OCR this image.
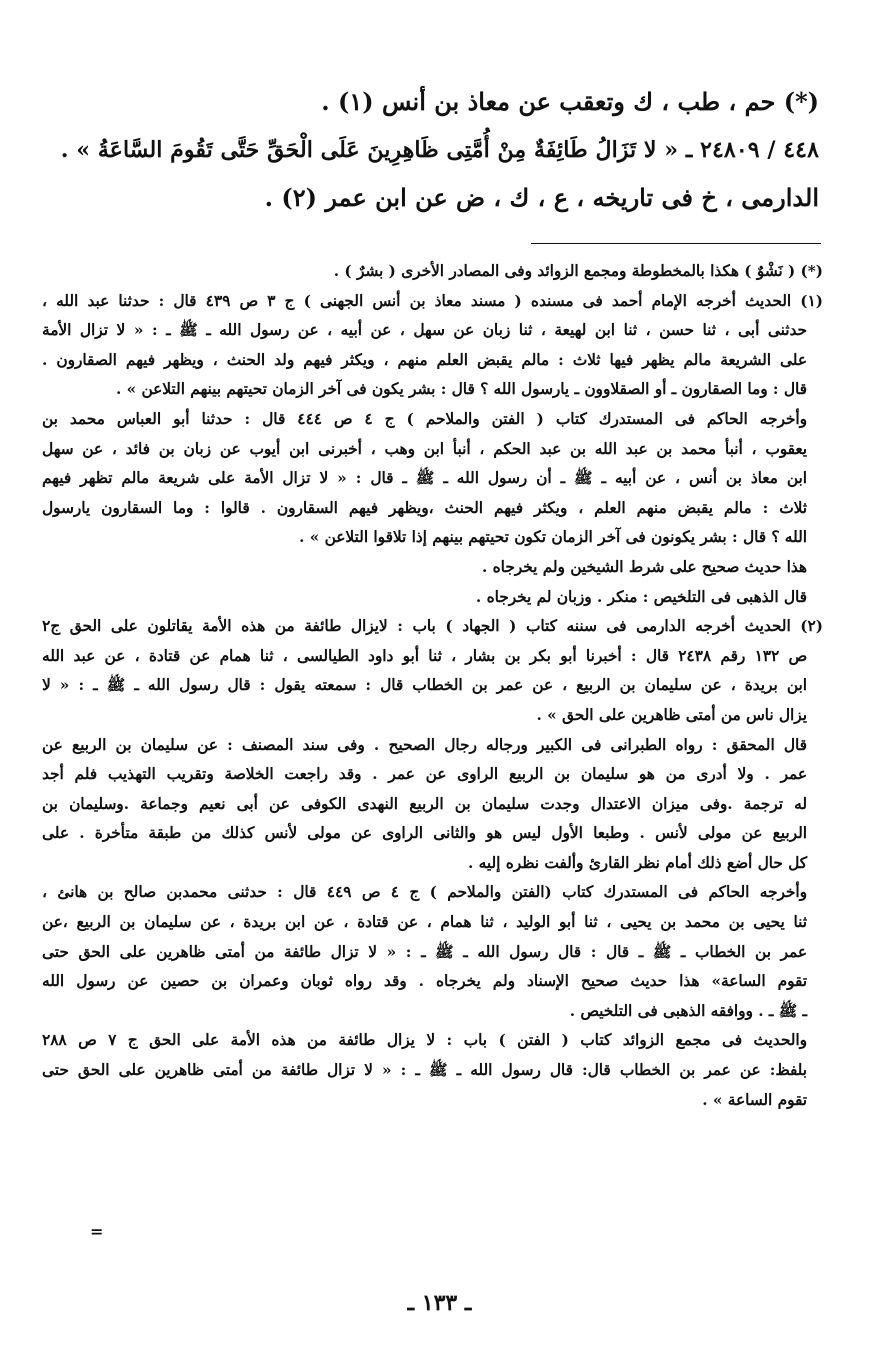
(*) حم ، طب ، ك وتعقب عن معاذ بن أنس (١) .
٤٤٨ / ٢٤٨٠٩ ـ « لا تَزَالُ طَائِفَةٌ مِنْ أُمَّتِى ظَاهِرِينَ عَلَى الْحَقِّ حَتَّى تَقُومَ السَّاعَةُ » .
الدارمى ، خ فى تاريخه ، ع ، ك ، ض عن ابن عمر (٢) .
(*) ( نَشْوٌ ) هكذا بالمخطوطة ومجمع الزوائد وفى المصادر الأخرى ( بشرٌ ) .
(١) الحديث أخرجه الإمام أحمد فى مسنده ( مسند معاذ بن أنس الجهنى ) ج ٣ ص ٤٣٩ قال : حدثنا عبد الله ،
حدثنى أبى ، ثنا حسن ، ثنا ابن لهيعة ، ثنا زبان عن سهل ، عن أبيه ، عن رسول الله ـ ﷺ ـ : « لا تزال الأمة
على الشريعة مالم يظهر فيها ثلاث : مالم يقبض العلم منهم ، ويكثر فيهم ولد الحنث ، ويظهر فيهم الصقارون .
قال : وما الصقارون ـ أو الصقلاوون ـ يارسول الله ؟ قال : بشر يكون فى آخر الزمان تحيتهم بينهم التلاعن » .
وأخرجه الحاكم فى المستدرك كتاب ( الفتن والملاحم ) ج ٤ ص ٤٤٤ قال : حدثنا أبو العباس محمد بن
يعقوب ، أنبأ محمد بن عبد الله بن عبد الحكم ، أنبأ ابن وهب ، أخبرنى ابن أيوب عن زبان بن فائد ، عن سهل
ابن معاذ بن أنس ، عن أبيه ـ ﷺ ـ أن رسول الله ـ ﷺ ـ قال : « لا تزال الأمة على شريعة مالم تظهر فيهم
ثلاث : مالم يقبض منهم العلم ، ويكثر فيهم الحنث ،ويظهر فيهم السقارون . قالوا : وما السقارون يارسول
الله ؟ قال : بشر يكونون فى آخر الزمان تكون تحيتهم بينهم إذا تلاقوا التلاعن » .
هذا حديث صحيح على شرط الشيخين ولم يخرجاه .
قال الذهبى فى التلخيص : منكر . وزبان لم يخرجاه .
(٢) الحديث أخرجه الدارمى فى سننه كتاب ( الجهاد ) باب : لايزال طائفة من هذه الأمة يقاتلون على الحق ج٢
ص ١٣٢ رقم ٢٤٣٨ قال : أخبرنا أبو بكر بن بشار ، ثنا أبو داود الطيالسى ، ثنا همام عن قتادة ، عن عبد الله
ابن بريدة ، عن سليمان بن الربيع ، عن عمر بن الخطاب قال : سمعته يقول : قال رسول الله ـ ﷺ ـ : « لا
يزال ناس من أمتى ظاهرين على الحق » .
قال المحقق : رواه الطبرانى فى الكبير ورجاله رجال الصحيح . وفى سند المصنف : عن سليمان بن الربيع عن
عمر . ولا أدرى من هو سليمان بن الربيع الراوى عن عمر . وقد راجعت الخلاصة وتقريب التهذيب فلم أجد
له ترجمة .وفى ميزان الاعتدال وجدت سليمان بن الربيع النهدى الكوفى عن أبى نعيم وجماعة .وسليمان بن
الربيع عن مولى لأنس . وطبعا الأول ليس هو والثانى الراوى عن مولى لأنس كذلك من طبقة متأخرة . على
كل حال أضع ذلك أمام نظر القارئ وألفت نظره إليه .
وأخرجه الحاكم فى المستدرك كتاب (الفتن والملاحم ) ج ٤ ص ٤٤٩ قال : حدثنى محمدبن صالح بن هانئ ،
ثنا يحيى بن محمد بن يحيى ، ثنا أبو الوليد ، ثنا همام ، عن قتادة ، عن ابن بريدة ، عن سليمان بن الربيع ،عن
عمر بن الخطاب ـ ﷺ ـ قال : قال رسول الله ـ ﷺ ـ : « لا تزال طائفة من أمتى ظاهرين على الحق حتى
تقوم الساعة» هذا حديث صحيح الإسناد ولم يخرجاه . وقد رواه ثوبان وعمران بن حصين عن رسول الله
ـ ﷺ ـ . ووافقه الذهبى فى التلخيص .
والحديث فى مجمع الزوائد كتاب ( الفتن ) باب : لا يزال طائفة من هذه الأمة على الحق ج ٧ ص ٢٨٨
بلفظ: عن عمر بن الخطاب قال: قال رسول الله ـ ﷺ ـ : « لا تزال طائفة من أمتى ظاهرين على الحق حتى
تقوم الساعة » .
=
ـ ١٣٣ ـ
